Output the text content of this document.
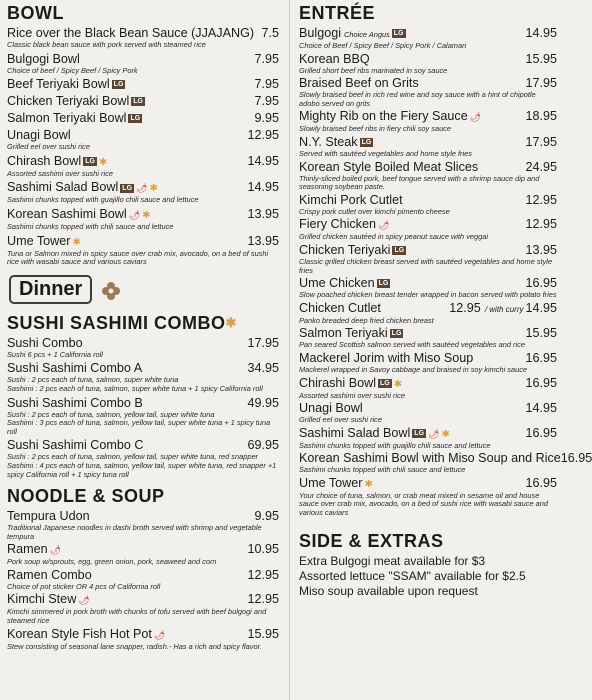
BOWL
Rice over the Black Bean Sauce (JJAJANG) 7.5
Classic black bean sauce with pork served with steamed rice
Bulgogi Bowl	7.95
Choice of beef / Spicy Beef / Spicy Pork
Beef Teriyaki Bowl LG	7.95
Chicken Teriyaki Bowl LG	7.95
Salmon Teriyaki Bowl LG	9.95
Unagi Bowl	12.95
Grilled eel over sushi rice
Chirash Bowl LG ✱	14.95
Assorted sashimi over sushi rice
Sashimi Salad Bowl LG 🌶 ✱	14.95
Sashimi chunks topped with guajillo chili sauce and lettuce
Korean Sashimi Bowl 🌶 ✱	13.95
Sashimi chunks topped with chili sauce and lettuce
Ume Tower ✱	13.95
Tuna or Salmon mixed in spicy sauce over crab mix, avocado, on a bed of sushi rice with wasabi sauce and various caviars
Dinner
SUSHI SASHIMI COMBO✱
Sushi Combo	17.95
Sushi 6 pcs + 1 California roll
Sushi Sashimi Combo A	34.95
Sushi : 2 pcs each of tuna, salmon, super white tuna
Sashimi : 2 pcs each of tuna, salmon, super white tuna + 1 spicy California roll
Sushi Sashimi Combo B	49.95
Sushi : 2 pcs each of tuna, salmon, yellow tail, super white tuna
Sashimi : 3 pcs each of tuna, salmon, yellow tail, super white tuna + 1 spicy tuna roll
Sushi Sashimi Combo C	69.95
Sushi : 2 pcs each of tuna, salmon, yellow tail, super white tuna, red snapper
Sashimi : 4 pcs each of tuna, salmon, yellow tail, super white tuna, red snapper +1 spicy California roll + 1 spicy tuna roll
NOODLE & SOUP
Tempura Udon	9.95
Traditional Japanese noodles in dashi broth served with shrimp and vegetable tempura
Ramen 🌶	10.95
Pork soup w/sprouts, egg, green onion, pork, seaweed and corn
Ramen Combo	12.95
Choice of pot sticker OR 4 pcs of California roll
Kimchi Stew 🌶	12.95
Kimchi simmered in pork broth with chunks of tofu served with beef bulgogi and steamed rice
Korean Style Fish Hot Pot 🌶	15.95
Stew consisting of seasonal lane snapper, radish.- Has a rich and spicy flavor.
ENTRÉE
Bulgogi Choice Angus LG	14.95
Choice of Beef / Spicy Beef / Spicy Pork / Calamari
Korean BBQ	15.95
Grilled short beef ribs marinated in soy sauce
Braised Beef on Grits	17.95
Slowly braised beef in rich red wine and soy sauce with a hint of chipotle adobo served on grits
Mighty Rib on the Fiery Sauce 🌶	18.95
Slowly braised beef ribs in fiery chili soy sauce
N.Y. Steak LG	17.95
Served with sautéed vegetables and home style fries
Korean Style Boiled Meat Slices	24.95
Thinly-sliced boiled pork, beef tongue served with a shrimp sauce dip and seasoning soybean paste.
Kimchi Pork Cutlet	12.95
Crispy pork cutlet over kimchi pimento cheese
Fiery Chicken 🌶	12.95
Grilled chicken sautéed in spicy peanut sauce with veggai
Chicken Teriyaki LG	13.95
Classic grilled chicken breast served with sautéed vegetables and home style fries
Ume Chicken LG	16.95
Slow poached chicken breast tender wrapped in bacon served with potato fries
Chicken Cutlet	12.95 / with curry 14.95
Panko breaded deep fried chicken breast
Salmon Teriyaki LG	15.95
Pan seared Scottish salmon served with sautéed vegetables and rice
Mackerel Jorim with Miso Soup	16.95
Mackerel wrapped in Savoy cabbage and braised in soy kimchi sauce
Chirashi Bowl LG ✱	16.95
Assorted sashimi over sushi rice
Unagi Bowl	14.95
Grilled eel over sushi rice
Sashimi Salad Bowl LG 🌶 ✱	16.95
Sashimi chunks topped with guajillo chili sauce and lettuce
Korean Sashimi Bowl with Miso Soup and Rice 16.95
Sashimi chunks topped with chili sauce and lettuce
Ume Tower ✱	16.95
Your choice of tuna, salmon, or crab meat mixed in sesame oil and house sauce over crab mix, avocado, on a bed of sushi rice with wasabi sauce and various caviars
SIDE & EXTRAS
Extra Bulgogi meat available for $3
Assorted lettuce "SSAM" available for $2.5
Miso soup available upon request
